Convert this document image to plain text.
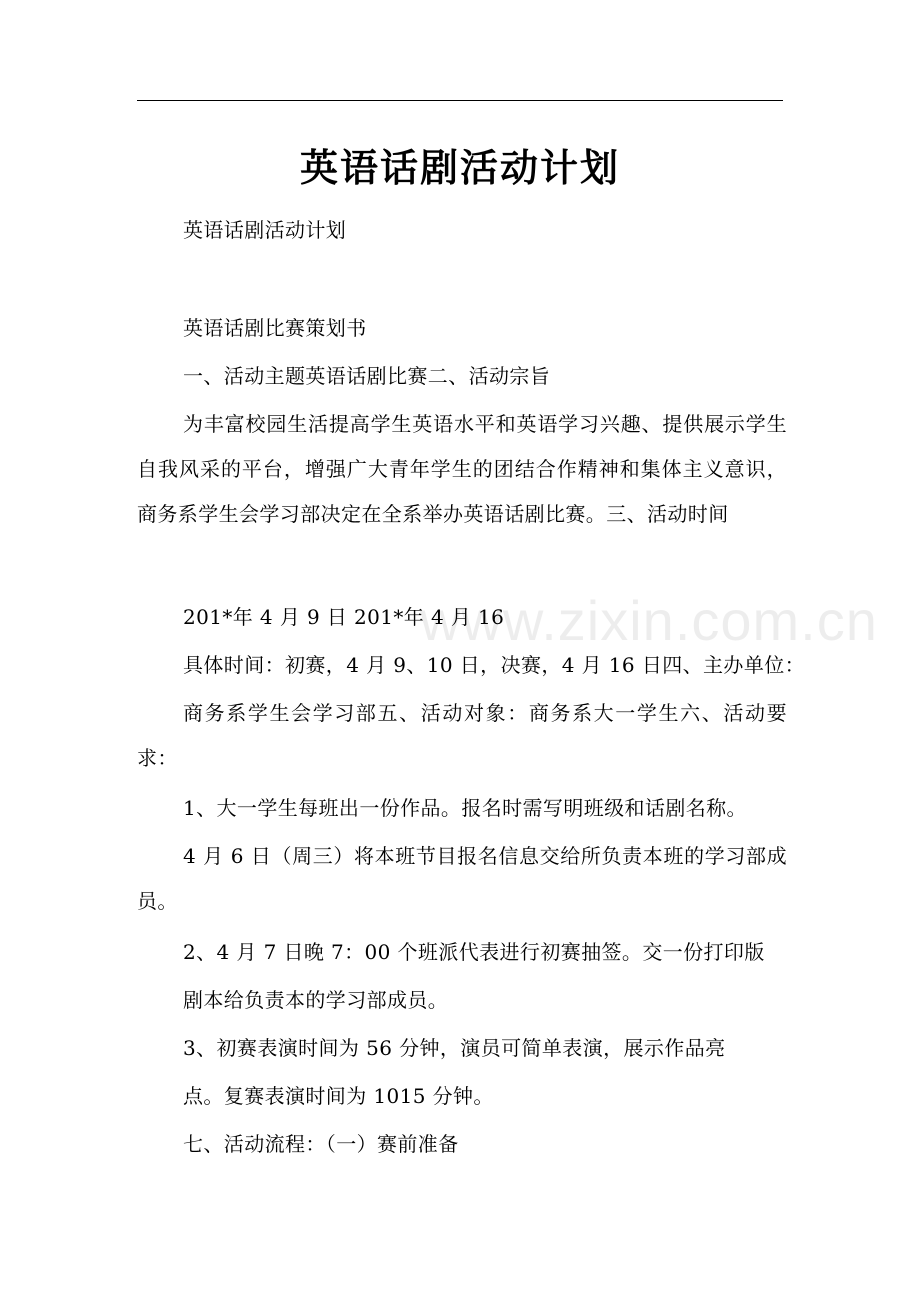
英语话剧活动计划
英语话剧活动计划
英语话剧比赛策划书
一、活动主题英语话剧比赛二、活动宗旨
为丰富校园生活提高学生英语水平和英语学习兴趣、提供展示学生自我风采的平台，增强广大青年学生的团结合作精神和集体主义意识，商务系学生会学习部决定在全系举办英语话剧比赛。三、活动时间
201*年 4 月 9 日 201*年 4 月 16
具体时间：初赛，4 月 9、10 日，决赛，4 月 16 日四、主办单位：
商务系学生会学习部五、活动对象：商务系大一学生六、活动要求：
1、大一学生每班出一份作品。报名时需写明班级和话剧名称。
4 月 6 日（周三）将本班节目报名信息交给所负责本班的学习部成员。
2、4 月 7 日晚 7：00 个班派代表进行初赛抽签。交一份打印版
剧本给负责本的学习部成员。
3、初赛表演时间为 56 分钟，演员可简单表演，展示作品亮
点。复赛表演时间为 1015 分钟。
七、活动流程：（一）赛前准备
www.zixin.com.cn
